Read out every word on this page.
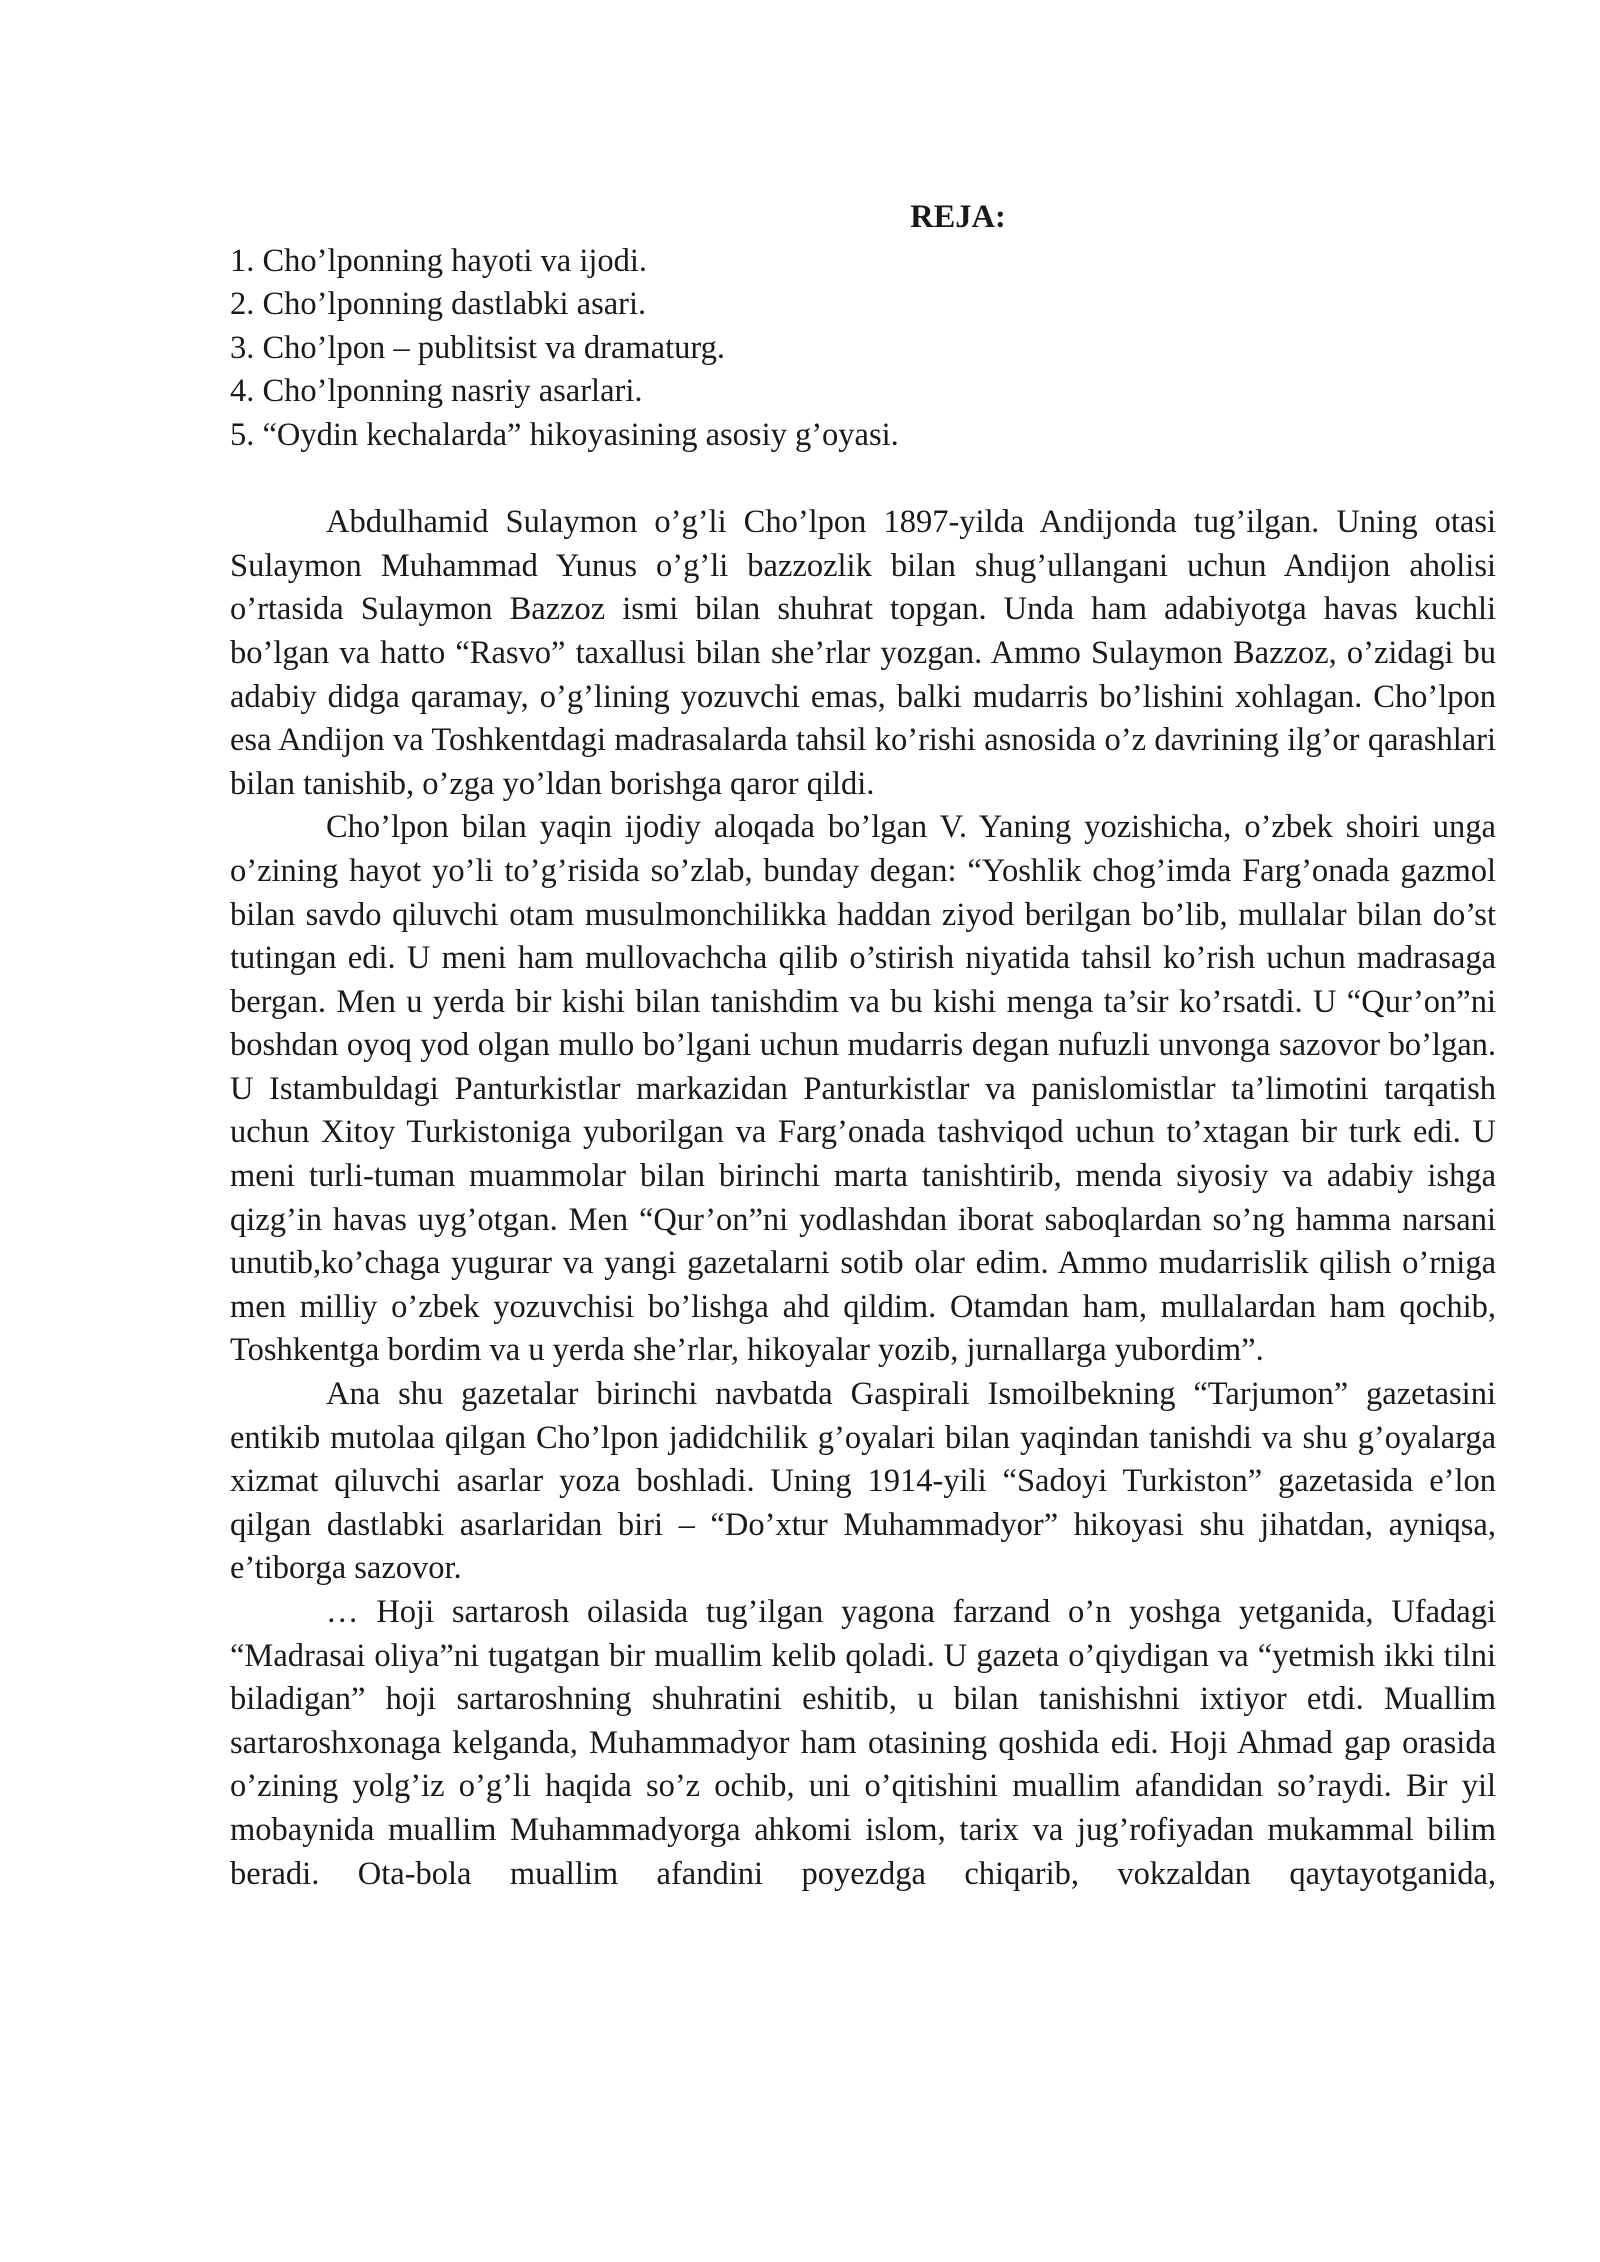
REJA:

1. Cho’lponning hayoti va ijodi.
2. Cho’lponning dastlabki asari.
3. Cho’lpon – publitsist va dramaturg.
4. Cho’lponning nasriy asarlari.
5. “Oydin kechalarda” hikoyasining asosiy g’oyasi.

Abdulhamid Sulaymon o’g’li Cho’lpon 1897-yilda Andijonda tug’ilgan. Uning otasi Sulaymon Muhammad Yunus o’g’li bazzozlik bilan shug’ullangani uchun Andijon aholisi o’rtasida Sulaymon Bazzoz ismi bilan shuhrat topgan. Unda ham adabiyotga havas kuchli bo’lgan va hatto “Rasvo” taxallusi bilan she’rlar yozgan. Ammo Sulaymon Bazzoz, o’zidagi bu adabiy didga qaramay, o’g’lining yozuvchi emas, balki mudarris bo’lishini xohlagan. Cho’lpon esa Andijon va Toshkentdagi madrasalarda tahsil ko’rishi asnosida o’z davrining ilg’or qarashlari bilan tanishib, o’zga yo’ldan borishga qaror qildi.

Cho’lpon bilan yaqin ijodiy aloqada bo’lgan V. Yaning yozishicha, o’zbek shoiri unga o’zining hayot yo’li to’g’risida so’zlab, bunday degan: “Yoshlik chog’imda Farg’onada gazmol bilan savdo qiluvchi otam musulmonchilikka haddan ziyod berilgan bo’lib, mullalar bilan do’st tutingan edi. U meni ham mullovachcha qilib o’stirish niyatida tahsil ko’rish uchun madrasaga bergan. Men u yerda bir kishi bilan tanishdim va bu kishi menga ta’sir ko’rsatdi. U “Qur’on”ni boshdan oyoq yod olgan mullo bo’lgani uchun mudarris degan nufuzli unvonga sazovor bo’lgan. U Istambuldagi Panturkistlar markazidan Panturkistlar va panislomistlar ta’limotini tarqatish uchun Xitoy Turkistoniga yuborilgan va Farg’onada tashviqod uchun to’xtagan bir turk edi. U meni turli-tuman muammolar bilan birinchi marta tanishtirib, menda siyosiy va adabiy ishga qizg’in havas uyg’otgan. Men “Qur’on”ni yodlashdan iborat saboqlardan so’ng hamma narsani unutib,ko’chaga yugurar va yangi gazetalarni sotib olar edim. Ammo mudarrislik qilish o’rniga men milliy o’zbek yozuvchisi bo’lishga ahd qildim. Otamdan ham, mullalardan ham qochib, Toshkentga bordim va u yerda she’rlar, hikoyalar yozib, jurnallarga yubordim”.

Ana shu gazetalar birinchi navbatda Gaspirali Ismoilbekning “Tarjumon” gazetasini entikib mutolaa qilgan Cho’lpon jadidchilik g’oyalari bilan yaqindan tanishdi va shu g’oyalarga xizmat qiluvchi asarlar yoza boshladi. Uning 1914-yili “Sadoyi Turkiston” gazetasida e’lon qilgan dastlabki asarlaridan biri – “Do’xtur Muhammadyor” hikoyasi shu jihatdan, ayniqsa, e’tiborga sazovor.

… Hoji sartarosh oilasida tug’ilgan yagona farzand o’n yoshga yetganida, Ufadagi “Madrasai oliya”ni tugatgan bir muallim kelib qoladi. U gazeta o’qiydigan va “yetmish ikki tilni biladigan” hoji sartaroshning shuhratini eshitib, u bilan tanishishni ixtiyor etdi. Muallim sartaroshxonaga kelganda, Muhammadyor ham otasining qoshida edi. Hoji Ahmad gap orasida o’zining yolg’iz o’g’li haqida so’z ochib, uni o’qitishini muallim afandidan so’raydi. Bir yil mobaynida muallim Muhammadyorga ahkomi islom, tarix va jug’rofiyadan mukammal bilim beradi. Ota-bola muallim afandini poyezdga chiqarib, vokzaldan qaytayotganida,
